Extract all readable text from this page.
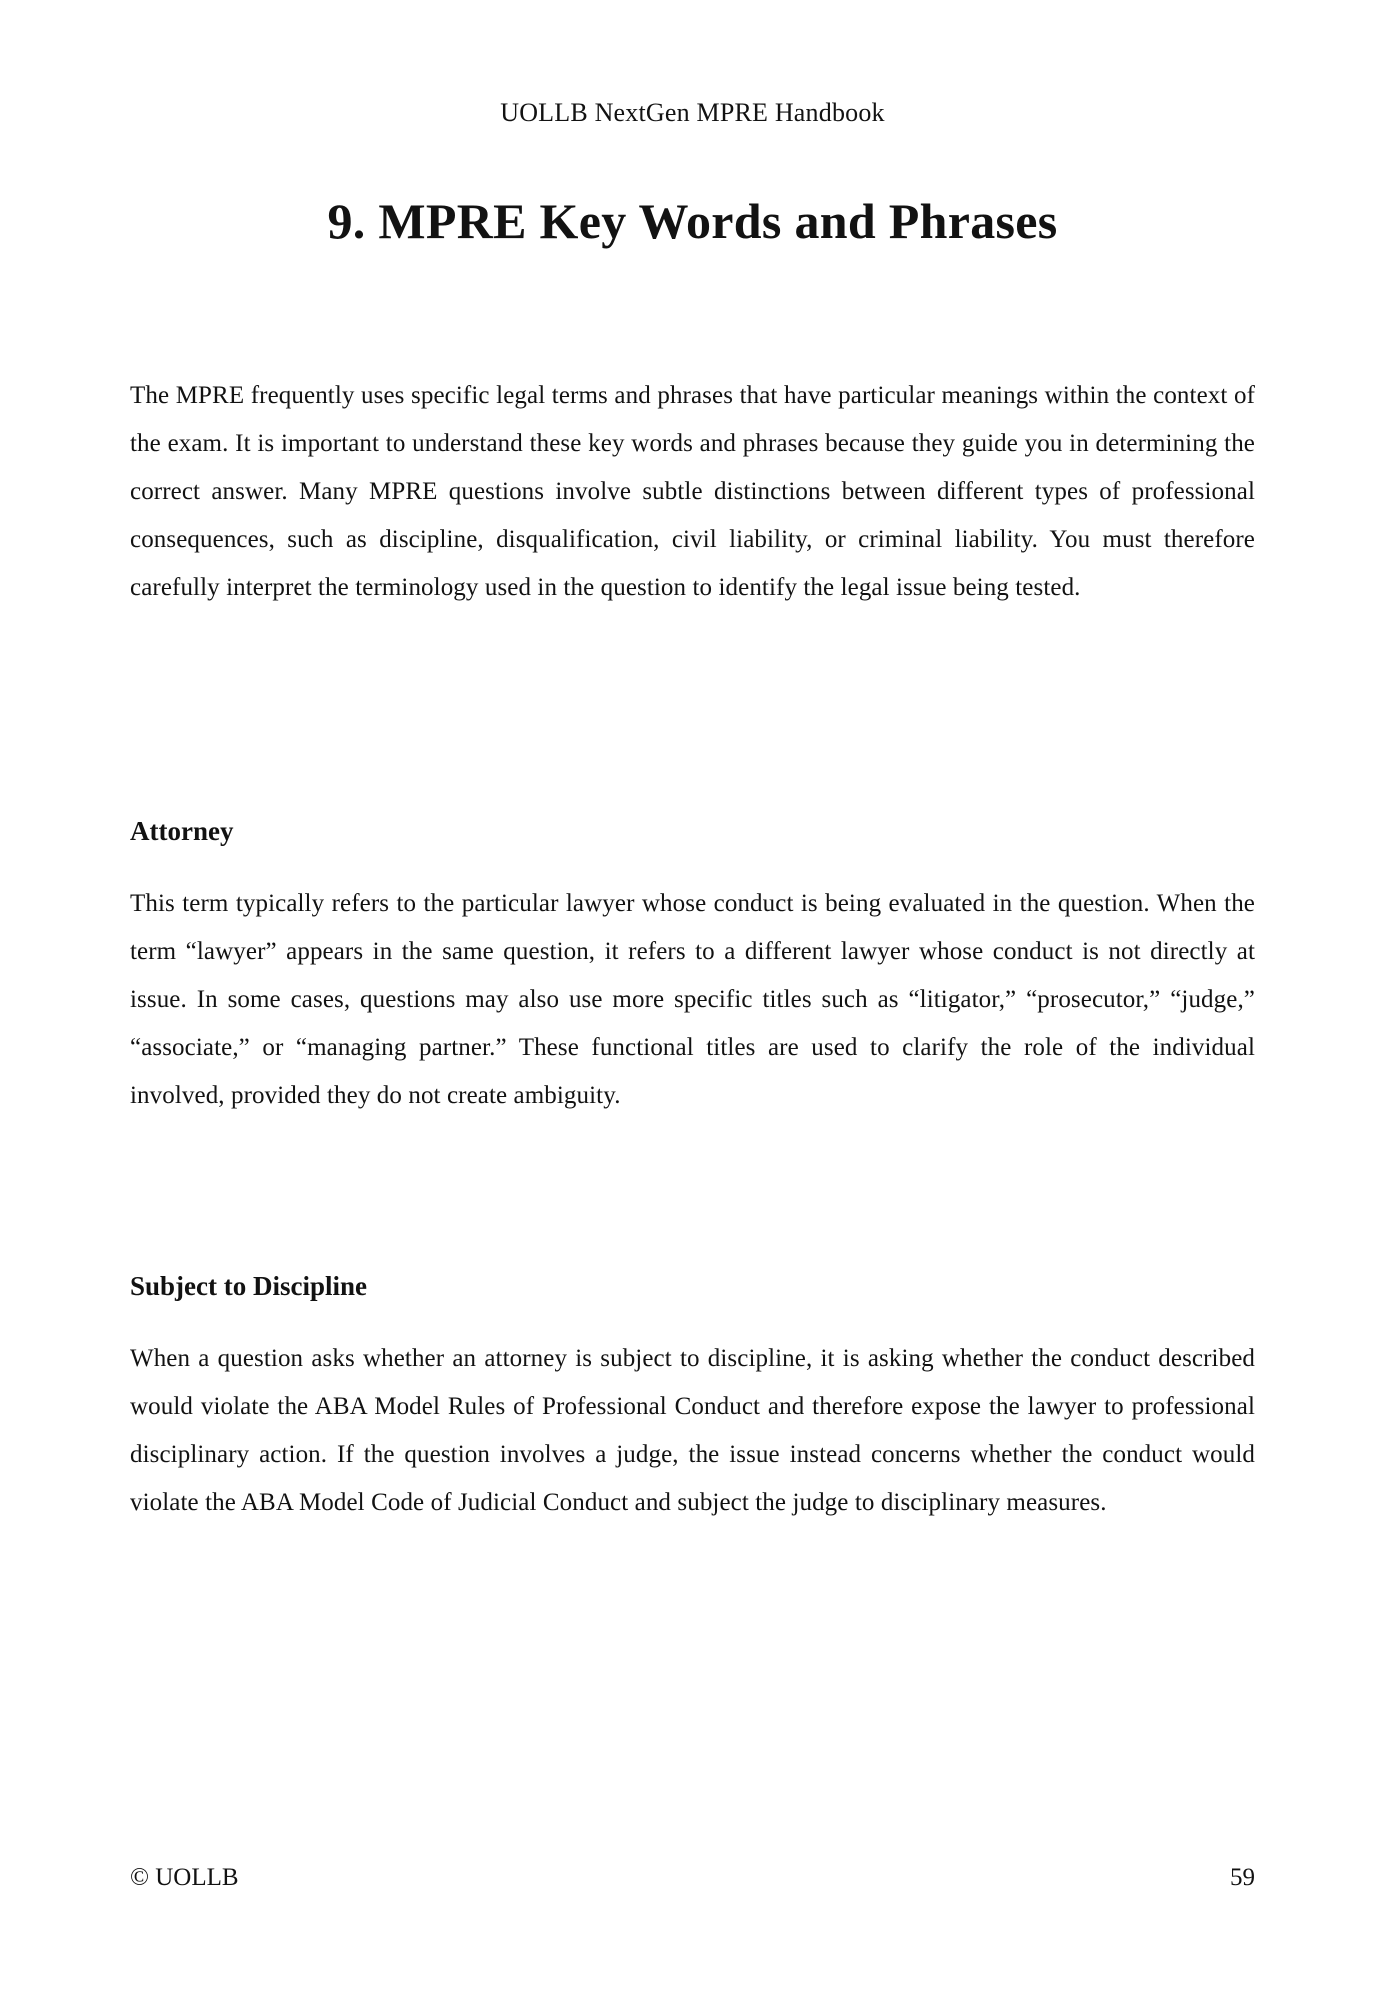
UOLLB NextGen MPRE Handbook
9. MPRE Key Words and Phrases

The MPRE frequently uses specific legal terms and phrases that have particular meanings within the context of the exam. It is important to understand these key words and phrases because they guide you in determining the correct answer. Many MPRE questions involve subtle distinctions between different types of professional consequences, such as discipline, disqualification, civil liability, or criminal liability. You must therefore carefully interpret the terminology used in the question to identify the legal issue being tested.

Attorney

This term typically refers to the particular lawyer whose conduct is being evaluated in the question. When the term “lawyer” appears in the same question, it refers to a different lawyer whose conduct is not directly at issue. In some cases, questions may also use more specific titles such as “litigator,” “prosecutor,” “judge,” “associate,” or “managing partner.” These functional titles are used to clarify the role of the individual involved, provided they do not create ambiguity.

Subject to Discipline

When a question asks whether an attorney is subject to discipline, it is asking whether the conduct described would violate the ABA Model Rules of Professional Conduct and therefore expose the lawyer to professional disciplinary action. If the question involves a judge, the issue instead concerns whether the conduct would violate the ABA Model Code of Judicial Conduct and subject the judge to disciplinary measures.

© UOLLB	59
